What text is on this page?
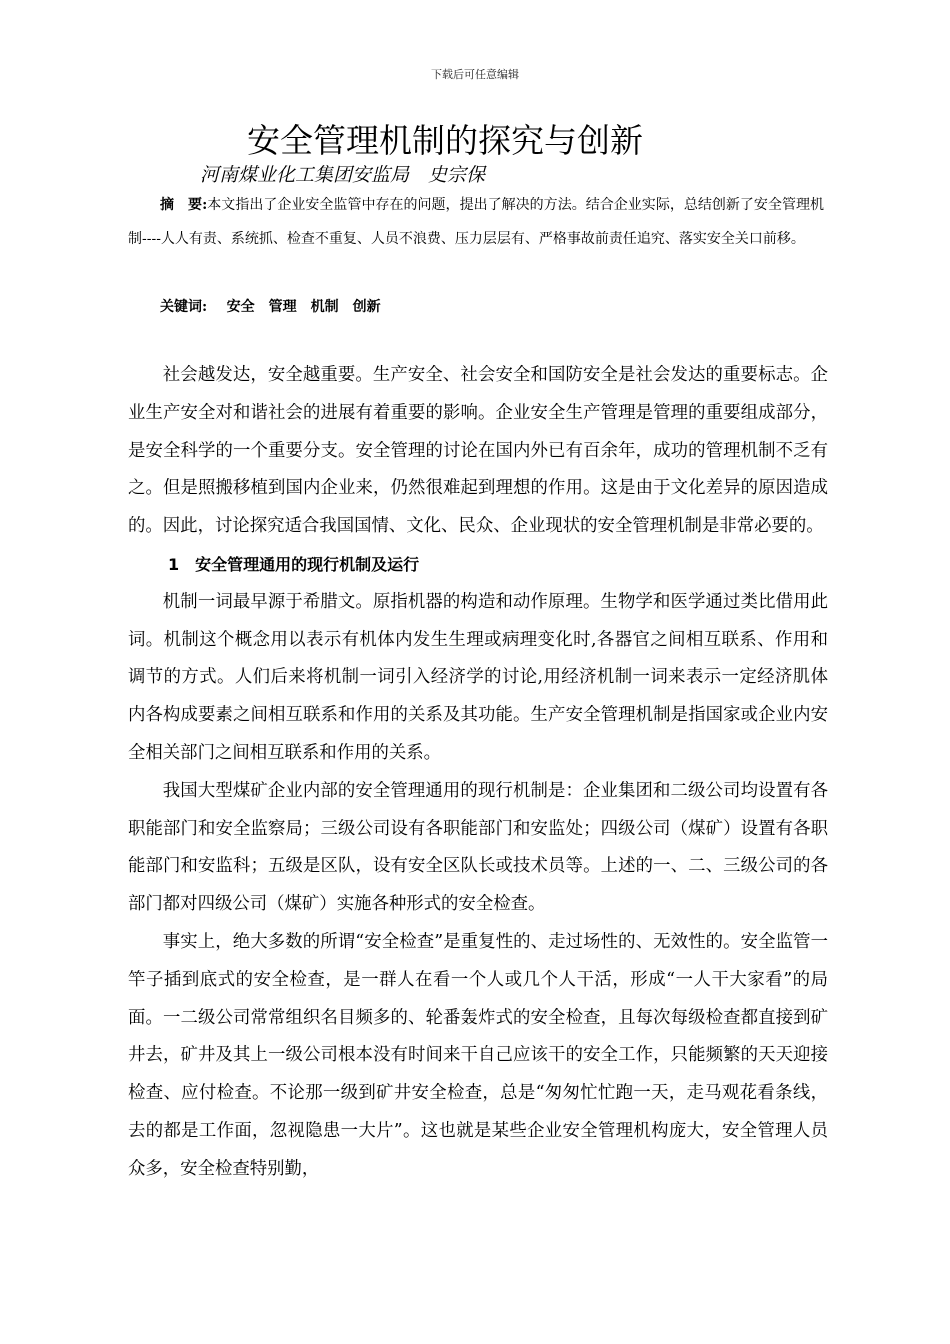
下载后可任意编辑
安全管理机制的探究与创新
河南煤业化工集团安监局　史宗保
摘　要:本文指出了企业安全监管中存在的问题，提出了解决的方法。结合企业实际，总结创新了安全管理机制----人人有责、系统抓、检查不重复、人员不浪费、压力层层有、严格事故前责任追究、落实安全关口前移。
关键词: 安全　管理　机制　创新

社会越发达，安全越重要。生产安全、社会安全和国防安全是社会发达的重要标志。企业生产安全对和谐社会的进展有着重要的影响。企业安全生产管理是管理的重要组成部分，是安全科学的一个重要分支。安全管理的讨论在国内外已有百余年，成功的管理机制不乏有之。但是照搬移植到国内企业来，仍然很难起到理想的作用。这是由于文化差异的原因造成的。因此，讨论探究适合我国国情、文化、民众、企业现状的安全管理机制是非常必要的。

1　安全管理通用的现行机制及运行

机制一词最早源于希腊文。原指机器的构造和动作原理。生物学和医学通过类比借用此词。机制这个概念用以表示有机体内发生生理或病理变化时,各器官之间相互联系、作用和调节的方式。人们后来将机制一词引入经济学的讨论,用经济机制一词来表示一定经济肌体内各构成要素之间相互联系和作用的关系及其功能。生产安全管理机制是指国家或企业内安全相关部门之间相互联系和作用的关系。

我国大型煤矿企业内部的安全管理通用的现行机制是：企业集团和二级公司均设置有各职能部门和安全监察局；三级公司设有各职能部门和安监处；四级公司（煤矿）设置有各职能部门和安监科；五级是区队，设有安全区队长或技术员等。上述的一、二、三级公司的各部门都对四级公司（煤矿）实施各种形式的安全检查。

事实上，绝大多数的所谓“安全检查”是重复性的、走过场性的、无效性的。安全监管一竿子插到底式的安全检查，是一群人在看一个人或几个人干活，形成“一人干大家看”的局面。一二级公司常常组织名目频多的、轮番轰炸式的安全检查，且每次每级检查都直接到矿井去，矿井及其上一级公司根本没有时间来干自己应该干的安全工作，只能频繁的天天迎接检查、应付检查。不论那一级到矿井安全检查，总是“匆匆忙忙跑一天，走马观花看条线，去的都是工作面，忽视隐患一大片”。这也就是某些企业安全管理机构庞大，安全管理人员众多，安全检查特别勤，
